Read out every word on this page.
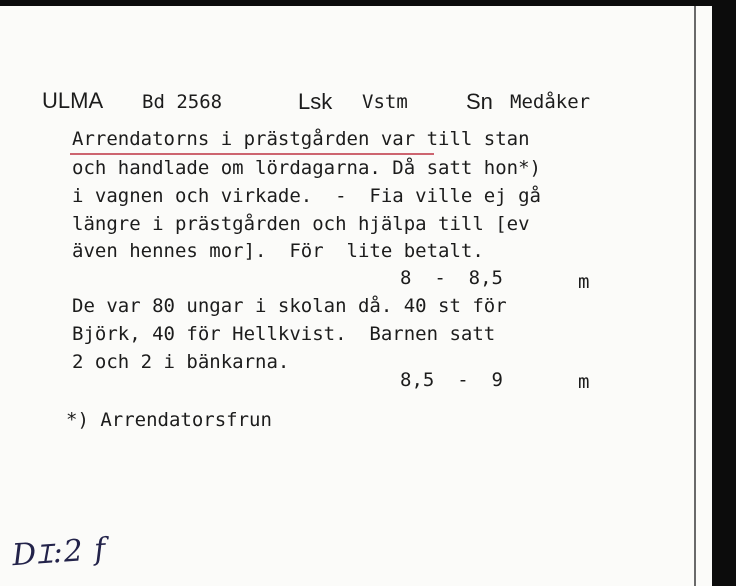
ULMA Bd 2568	Lsk Vstm	Sn Medåker
Arrendatorns i prästgården var till stan
och handlade om lördagarna. Då satt hon*)
i vagnen och virkade.  -  Fia ville ej gå
längre i prästgården och hjälpa till [ev
även hennes mor].  För  lite betalt.
8  -  8,5	m
De var 80 ungar i skolan då. 40 st för
Björk, 40 för Hellkvist.  Barnen satt
2 och 2 i bänkarna.
8,5  -  9	m
*) Arrendatorsfrun
DꞮ:2 f
